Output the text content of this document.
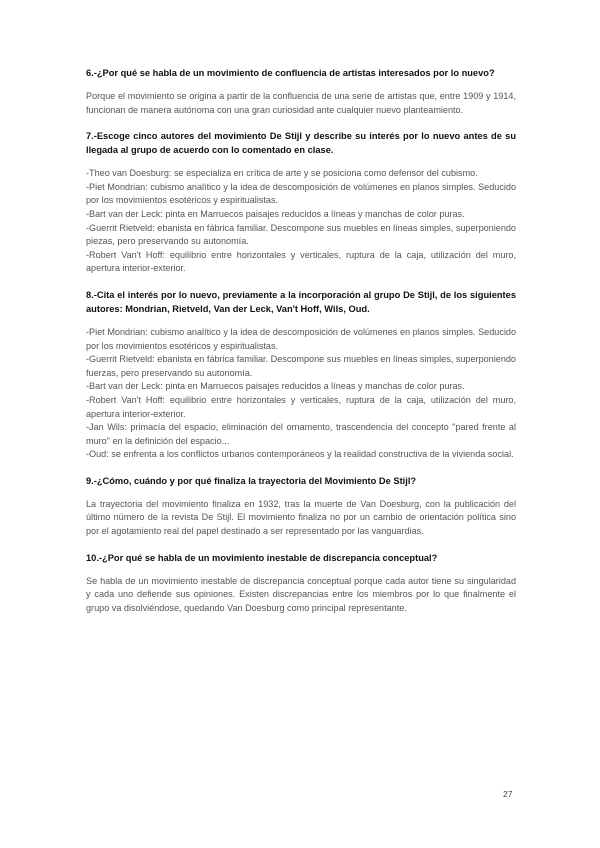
6.-¿Por qué se habla de un movimiento de confluencia de artistas interesados por lo nuevo?

Porque el movimiento se origina a partir de la confluencia de una serie de artistas que, entre 1909 y 1914, funcionan de manera autónoma con una gran curiosidad ante cualquier nuevo planteamiento.

7.-Escoge cinco autores del movimiento De Stijl y describe su interés por lo nuevo antes de su llegada al grupo de acuerdo con lo comentado en clase.

-Theo van Doesburg: se especializa en crítica de arte y se posiciona como defensor del cubismo.

-Piet Mondrian: cubismo analítico y la idea de descomposición de volúmenes en planos simples. Seducido por los movimientos esotéricos y espiritualistas.

-Bart van der Leck: pinta en Marruecos paisajes reducidos a líneas y manchas de color puras.

-Guerrit Rietveld: ebanista en fábrica familiar. Descompone sus muebles en líneas simples, superponiendo piezas, pero preservando su autonomía.

-Robert Van't Hoff: equilibrio entre horizontales y verticales, ruptura de la caja, utilización del muro, apertura interior-exterior.

8.-Cita el interés por lo nuevo, previamente a la incorporación al grupo De Stijl, de los siguientes autores: Mondrian, Rietveld, Van der Leck, Van't Hoff, Wils, Oud.

-Piet Mondrian: cubismo analítico y la idea de descomposición de volúmenes en planos simples. Seducido por los movimientos esotéricos y espiritualistas.

-Guerrit Rietveld: ebanista en fábrica familiar. Descompone sus muebles en líneas simples, superponiendo fuerzas, pero preservando su autonomía.

-Bart van der Leck: pinta en Marruecos paisajes reducidos a líneas y manchas de color puras.

-Robert Van't Hoff: equilibrio entre horizontales y verticales, ruptura de la caja, utilización del muro, apertura interior-exterior.

-Jan Wils: primacía del espacio, eliminación del ornamento, trascendencia del concepto "pared frente al muro" en la definición del espacio...

-Oud: se enfrenta a los conflictos urbanos contemporáneos y la realidad constructiva de la vivienda social.

9.-¿Cómo, cuándo y por qué finaliza la trayectoria del Movimiento De Stijl?

La trayectoria del movimiento finaliza en 1932, tras la muerte de Van Doesburg, con la publicación del último número de la revista De Stijl. El movimiento finaliza no por un cambio de orientación política sino por el agotamiento real del papel destinado a ser representado por las vanguardias.

10.-¿Por qué se habla de un movimiento inestable de discrepancia conceptual?

Se habla de un movimiento inestable de discrepancia conceptual porque cada autor tiene su singularidad y cada uno defiende sus opiniones. Existen discrepancias entre los miembros por lo que finalmente el grupo va disolviéndose, quedando Van Doesburg como principal representante.

27
